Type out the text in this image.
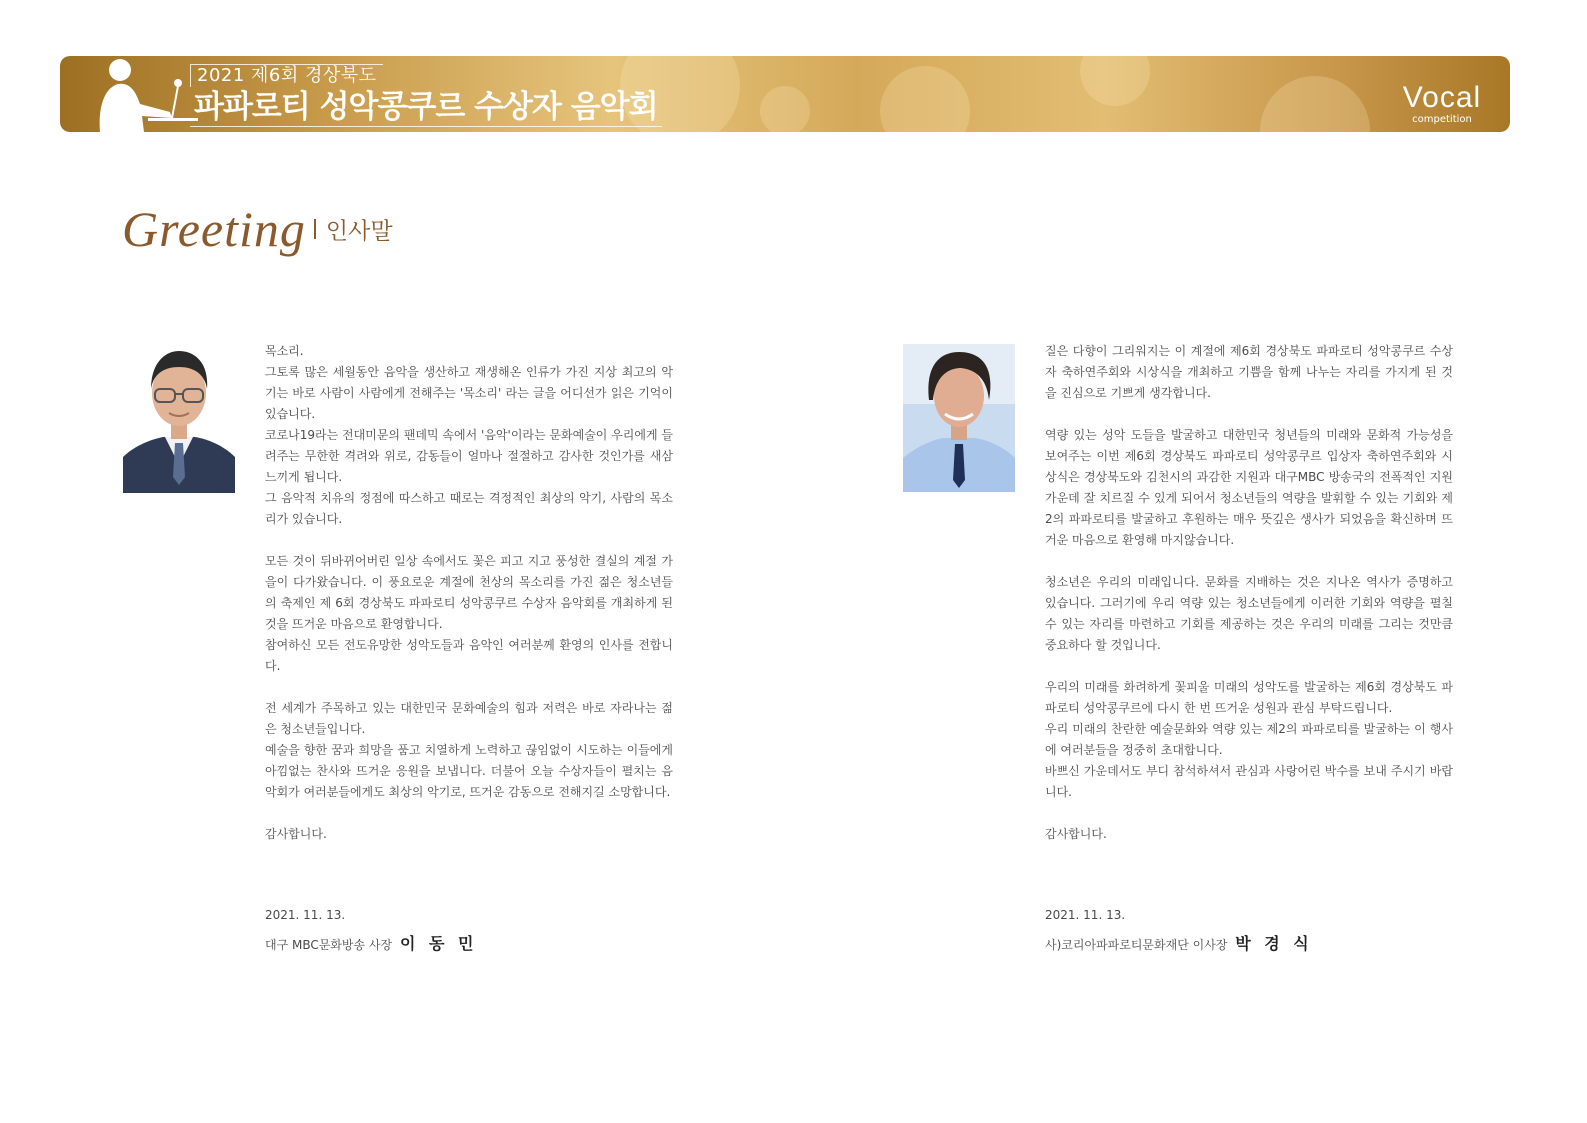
2021 제6회 경상북도
파파로티 성악콩쿠르 수상자 음악회	Vocal
competition
Greeting 인사말

목소리.

그토록 많은 세월동안 음악을 생산하고 재생해온 인류가 가진 지상 최고의 악기는 바로 사람이 사람에게 전해주는 '목소리' 라는 글을 어디선가 읽은 기억이 있습니다.

코로나19라는 전대미문의 팬데믹 속에서 '음악'이라는 문화예술이 우리에게 들려주는 무한한 격려와 위로, 감동들이 얼마나 절절하고 감사한 것인가를 새삼 느끼게 됩니다.

그 음악적 치유의 정점에 따스하고 때로는 격정적인 최상의 악기, 사람의 목소리가 있습니다.

모든 것이 뒤바뀌어버린 일상 속에서도 꽃은 피고 지고 풍성한 결실의 계절 가을이 다가왔습니다. 이 풍요로운 계절에 천상의 목소리를 가진 젊은 청소년들의 축제인 제 6회 경상북도 파파로티 성악콩쿠르 수상자 음악회를 개최하게 된 것을 뜨거운 마음으로 환영합니다.

참여하신 모든 전도유망한 성악도들과 음악인 여러분께 환영의 인사를 전합니다.

전 세계가 주목하고 있는 대한민국 문화예술의 힘과 저력은 바로 자라나는 젊은 청소년들입니다.

예술을 향한 꿈과 희망을 품고 치열하게 노력하고 끊임없이 시도하는 이들에게 아낌없는 찬사와 뜨거운 응원을 보냅니다. 더불어 오늘 수상자들이 펼치는 음악회가 여러분들에게도 최상의 악기로, 뜨거운 감동으로 전해지길 소망합니다.

감사합니다.

질은 다향이 그리워지는 이 계절에 제6회 경상북도 파파로티 성악콩쿠르 수상자 축하연주회와 시상식을 개최하고 기쁨을 함께 나누는 자리를 가지게 된 것을 진심으로 기쁘게 생각합니다.

역량 있는 성악 도들을 발굴하고 대한민국 청년들의 미래와 문화적 가능성을 보여주는 이번 제6회 경상북도 파파로티 성악콩쿠르 입상자 축하연주회와 시상식은 경상북도와 김천시의 과감한 지원과 대구MBC 방송국의 전폭적인 지원 가운데 잘 치르질 수 있게 되어서 청소년들의 역량을 발휘할 수 있는 기회와 제2의 파파로티를 발굴하고 후원하는 매우 뜻깊은 생사가 되었음을 확신하며 뜨거운 마음으로 환영해 마지않습니다.

청소년은 우리의 미래입니다. 문화를 지배하는 것은 지나온 역사가 증명하고 있습니다. 그러기에 우리 역량 있는 청소년들에게 이러한 기회와 역량을 펼칠 수 있는 자리를 마련하고 기회를 제공하는 것은 우리의 미래를 그리는 것만큼 중요하다 할 것입니다.

우리의 미래를 화려하게 꽃피울 미래의 성악도를 발굴하는 제6회 경상북도 파파로티 성악콩쿠르에 다시 한 번 뜨거운 성원과 관심 부탁드립니다.

우리 미래의 찬란한 예술문화와 역량 있는 제2의 파파로티를 발굴하는 이 행사에 여러분들을 정중히 초대합니다.

바쁘신 가운데서도 부디 참석하셔서 관심과 사랑어린 박수를 보내 주시기 바랍니다.

감사합니다.

2021. 11. 13.
대구 MBC문화방송 사장 이 동 민
2021. 11. 13.
사)코리아파파로티문화재단 이사장 박 경 식
